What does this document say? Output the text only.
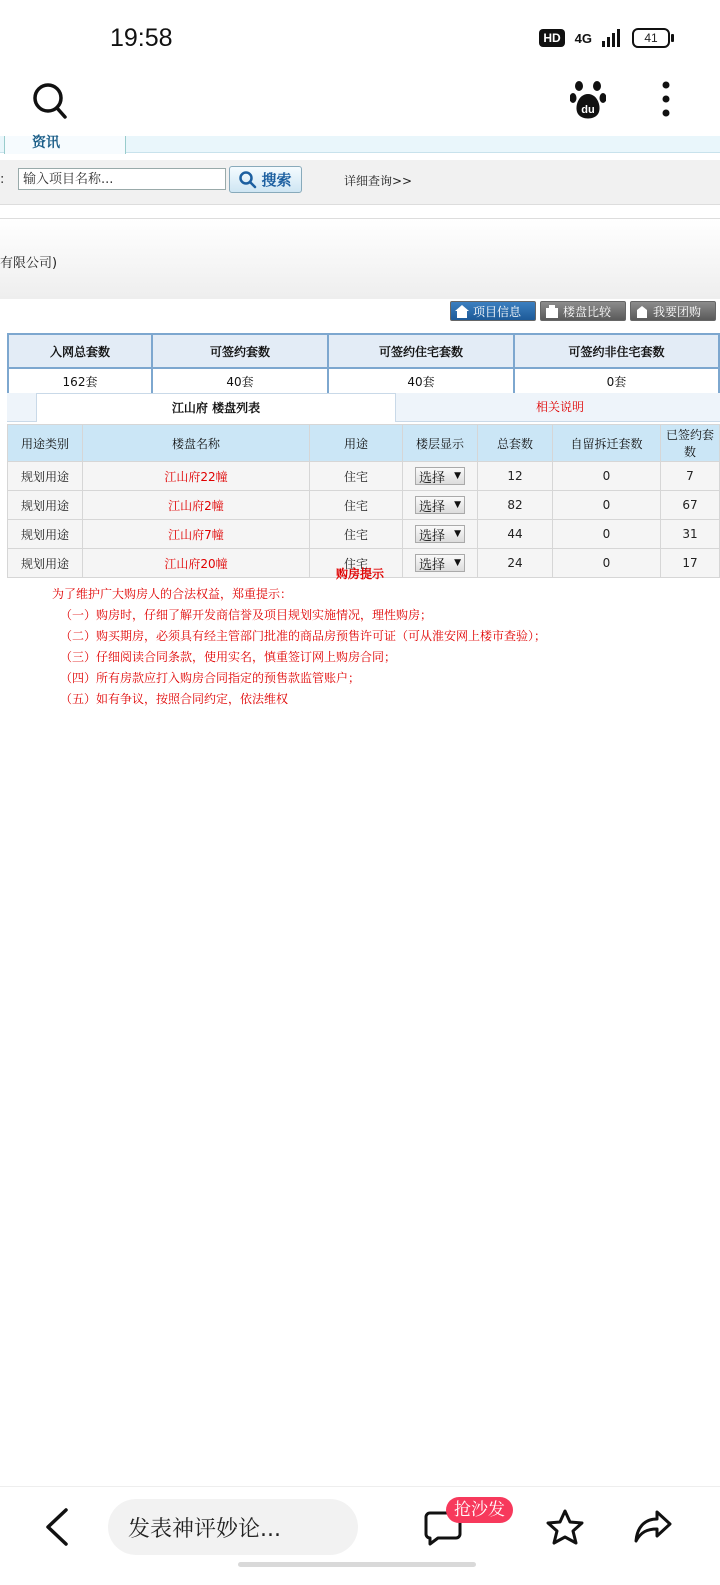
19:58	HD	4G	41
du
资讯
:	输入项目名称...	搜索	详细查询>>
有限公司)
项目信息	楼盘比较	我要团购
入网总套数	可签约套数	可签约住宅套数	可签约非住宅套数
162套	40套	40套	0套
江山府 楼盘列表	相关说明
用途类别	楼盘名称	用途	楼层显示	总套数	自留拆迁套数	已签约套数
规划用途	江山府22幢	住宅	选择 ▼	12	0	7
规划用途	江山府2幢	住宅	选择 ▼	82	0	67
规划用途	江山府7幢	住宅	选择 ▼	44	0	31
规划用途	江山府20幢	住宅	选择 ▼	24	0	17
购房提示
为了维护广大购房人的合法权益，郑重提示：
（一）购房时，仔细了解开发商信誉及项目规划实施情况，理性购房；
（二）购买期房，必须具有经主管部门批准的商品房预售许可证（可从淮安网上楼市查验）；
（三）仔细阅读合同条款，使用实名，慎重签订网上购房合同；
（四）所有房款应打入购房合同指定的预售款监管账户；
（五）如有争议，按照合同约定，依法维权
发表神评妙论...
抢沙发
